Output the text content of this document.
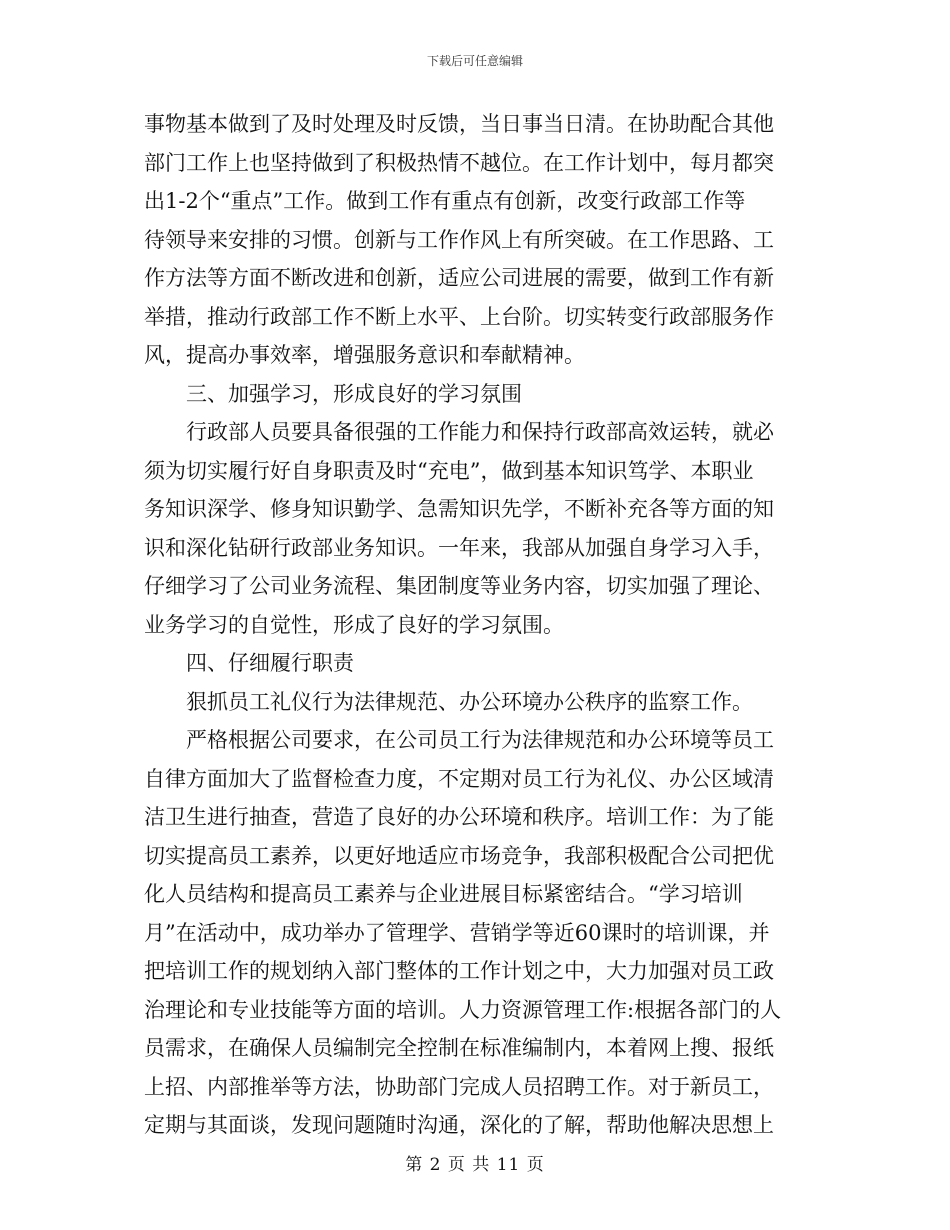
下载后可任意编辑
事物基本做到了及时处理及时反馈，当日事当日清。在协助配合其他
部门工作上也坚持做到了积极热情不越位。在工作计划中，每月都突
出1-2个“重点”工作。做到工作有重点有创新，改变行政部工作等
待领导来安排的习惯。创新与工作作风上有所突破。在工作思路、工
作方法等方面不断改进和创新，适应公司进展的需要，做到工作有新
举措，推动行政部工作不断上水平、上台阶。切实转变行政部服务作
风，提高办事效率，增强服务意识和奉献精神。
三、加强学习，形成良好的学习氛围
行政部人员要具备很强的工作能力和保持行政部高效运转，就必
须为切实履行好自身职责及时“充电”，做到基本知识笃学、本职业
务知识深学、修身知识勤学、急需知识先学，不断补充各等方面的知
识和深化钻研行政部业务知识。一年来，我部从加强自身学习入手，
仔细学习了公司业务流程、集团制度等业务内容，切实加强了理论、
业务学习的自觉性，形成了良好的学习氛围。
四、仔细履行职责
狠抓员工礼仪行为法律规范、办公环境办公秩序的监察工作。
严格根据公司要求，在公司员工行为法律规范和办公环境等员工
自律方面加大了监督检查力度，不定期对员工行为礼仪、办公区域清
洁卫生进行抽查，营造了良好的办公环境和秩序。培训工作：为了能
切实提高员工素养，以更好地适应市场竞争，我部积极配合公司把优
化人员结构和提高员工素养与企业进展目标紧密结合。“学习培训
月”在活动中，成功举办了管理学、营销学等近60课时的培训课，并
把培训工作的规划纳入部门整体的工作计划之中，大力加强对员工政
治理论和专业技能等方面的培训。人力资源管理工作:根据各部门的人
员需求，在确保人员编制完全控制在标准编制内，本着网上搜、报纸
上招、内部推举等方法，协助部门完成人员招聘工作。对于新员工，
定期与其面谈，发现问题随时沟通，深化的了解，帮助他解决思想上
第 2 页 共 11 页
